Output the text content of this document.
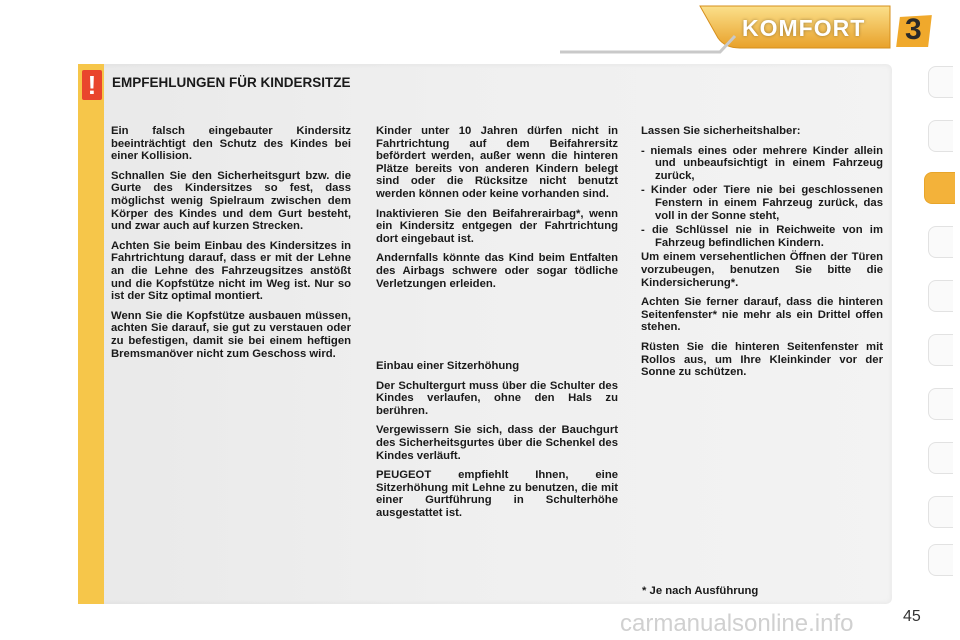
KOMFORT 3
!	EMPFEHLUNGEN FÜR KINDERSITZE

Ein falsch eingebauter Kindersitz beeinträchtigt den Schutz des Kindes bei einer Kollision.

Schnallen Sie den Sicherheitsgurt bzw. die Gurte des Kindersitzes so fest, dass möglichst wenig Spielraum zwischen dem Körper des Kindes und dem Gurt besteht, und zwar auch auf kurzen Strecken.

Achten Sie beim Einbau des Kindersitzes in Fahrtrichtung darauf, dass er mit der Lehne an die Lehne des Fahrzeugsitzes anstößt und die Kopfstütze nicht im Weg ist. Nur so ist der Sitz optimal montiert.

Wenn Sie die Kopfstütze ausbauen müssen, achten Sie darauf, sie gut zu verstauen oder zu befestigen, damit sie bei einem heftigen Bremsmanöver nicht zum Geschoss wird.

Kinder unter 10 Jahren dürfen nicht in Fahrtrichtung auf dem Beifahrersitz befördert werden, außer wenn die hinteren Plätze bereits von anderen Kindern belegt sind oder die Rücksitze nicht benutzt werden können oder keine vorhanden sind.

Inaktivieren Sie den Beifahrerairbag*, wenn ein Kindersitz entgegen der Fahrtrichtung dort eingebaut ist.

Andernfalls könnte das Kind beim Entfalten des Airbags schwere oder sogar tödliche Verletzungen erleiden.

Einbau einer Sitzerhöhung

Der Schultergurt muss über die Schulter des Kindes verlaufen, ohne den Hals zu berühren.

Vergewissern Sie sich, dass der Bauchgurt des Sicherheitsgurtes über die Schenkel des Kindes verläuft.

PEUGEOT empfiehlt Ihnen, eine Sitzerhöhung mit Lehne zu benutzen, die mit einer Gurtführung in Schulterhöhe ausgestattet ist.

Lassen Sie sicherheitshalber:
- niemals eines oder mehrere Kinder allein und unbeaufsichtigt in einem Fahrzeug zurück,
- Kinder oder Tiere nie bei geschlossenen Fenstern in einem Fahrzeug zurück, das voll in der Sonne steht,
- die Schlüssel nie in Reichweite von im Fahrzeug befindlichen Kindern.

Um einem versehentlichen Öffnen der Türen vorzubeugen, benutzen Sie bitte die Kindersicherung*.

Achten Sie ferner darauf, dass die hinteren Seitenfenster* nie mehr als ein Drittel offen stehen.

Rüsten Sie die hinteren Seitenfenster mit Rollos aus, um Ihre Kleinkinder vor der Sonne zu schützen.

* Je nach Ausführung
carmanualsonline.info	45
